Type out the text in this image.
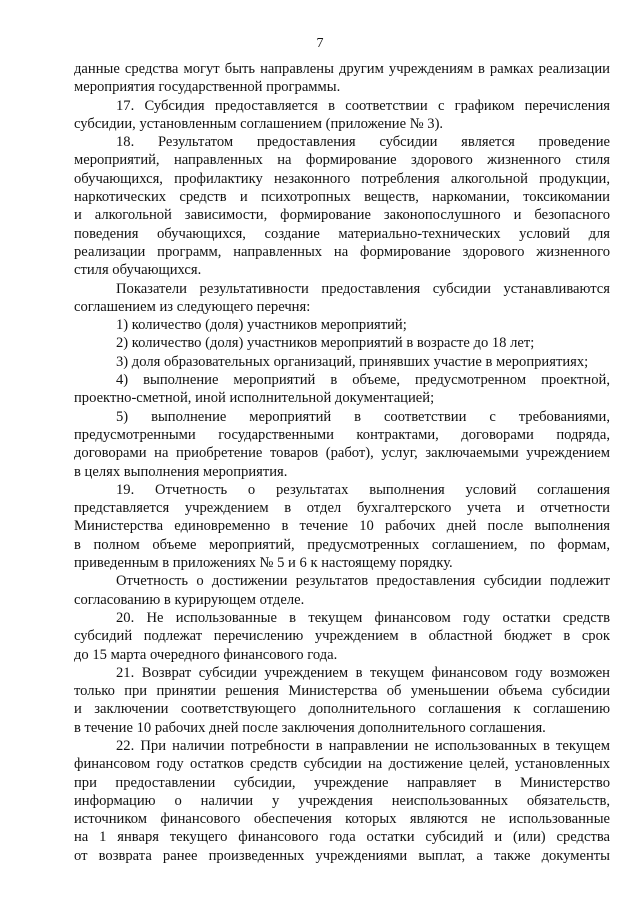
7

данные средства могут быть направлены другим учреждениям в рамках реализации

мероприятия государственной программы.

17. Субсидия предоставляется в соответствии с графиком перечисления

субсидии, установленным соглашением (приложение № 3).

18. Результатом предоставления субсидии является проведение

мероприятий, направленных на формирование здорового жизненного стиля

обучающихся, профилактику незаконного потребления алкогольной продукции,

наркотических средств и психотропных веществ, наркомании, токсикомании

и алкогольной зависимости, формирование законопослушного и безопасного

поведения обучающихся, создание материально-технических условий для

реализации программ, направленных на формирование здорового жизненного

стиля обучающихся.

Показатели результативности предоставления субсидии устанавливаются

соглашением из следующего перечня:

1) количество (доля) участников мероприятий;

2) количество (доля) участников мероприятий в возрасте до 18 лет;

3) доля образовательных организаций, принявших участие в мероприятиях;

4) выполнение мероприятий в объеме, предусмотренном проектной,

проектно-сметной, иной исполнительной документацией;

5) выполнение мероприятий в соответствии с требованиями,

предусмотренными государственными контрактами, договорами подряда,

договорами на приобретение товаров (работ), услуг, заключаемыми учреждением

в целях выполнения мероприятия.

19. Отчетность о результатах выполнения условий соглашения

представляется учреждением в отдел бухгалтерского учета и отчетности

Министерства единовременно в течение 10 рабочих дней после выполнения

в полном объеме мероприятий, предусмотренных соглашением, по формам,

приведенным в приложениях № 5 и 6 к настоящему порядку.

Отчетность о достижении результатов предоставления субсидии подлежит

согласованию в курирующем отделе.

20. Не использованные в текущем финансовом году остатки средств

субсидий подлежат перечислению учреждением в областной бюджет в срок

до 15 марта очередного финансового года.

21. Возврат субсидии учреждением в текущем финансовом году возможен

только при принятии решения Министерства об уменьшении объема субсидии

и заключении соответствующего дополнительного соглашения к соглашению

в течение 10 рабочих дней после заключения дополнительного соглашения.

22. При наличии потребности в направлении не использованных в текущем

финансовом году остатков средств субсидии на достижение целей, установленных

при предоставлении субсидии, учреждение направляет в Министерство

информацию о наличии у учреждения неиспользованных обязательств,

источником финансового обеспечения которых являются не использованные

на 1 января текущего финансового года остатки субсидий и (или) средства

от возврата ранее произведенных учреждениями выплат, а также документы
